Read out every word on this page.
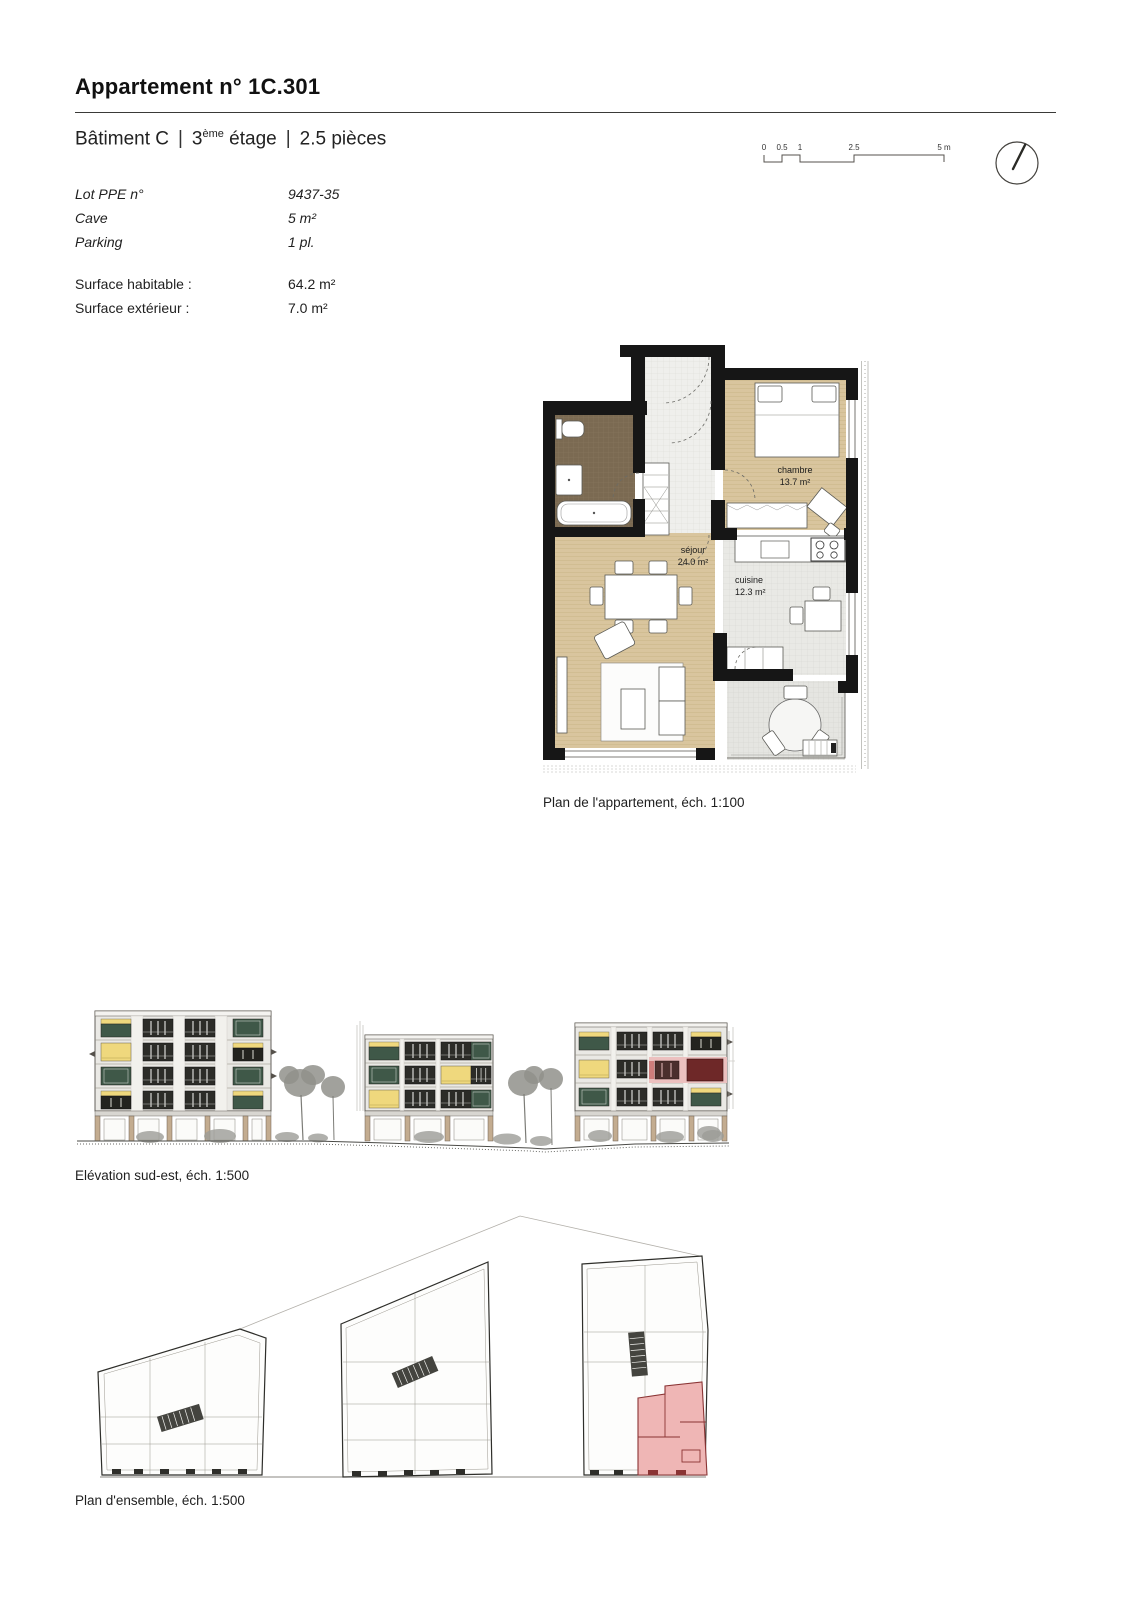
Appartement n° 1C.301
Bâtiment C | 3ème étage | 2.5 pièces	0 0.5 1	2.5	5 m
Lot PPE n°	9437-35
Cave	5 m²
Parking	1 pl.
Surface habitable :	64.2 m²
Surface extérieur :	7.0 m²
chambre
13.7 m²
séjour
24.0 m²
cuisine
12.3 m²
Plan de l'appartement, éch. 1:100
Elévation sud-est, éch. 1:500
Plan d'ensemble, éch. 1:500
